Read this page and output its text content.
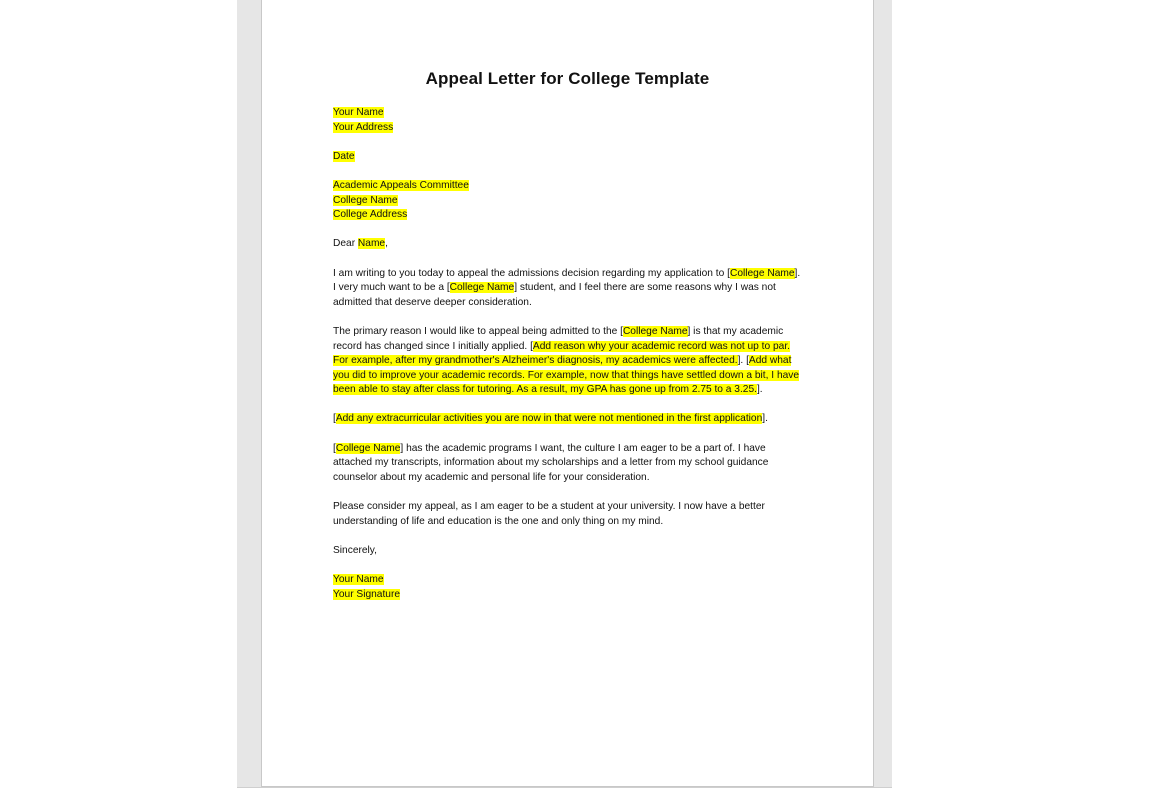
Appeal Letter for College Template
Your Name
Your Address
Date
Academic Appeals Committee
College Name
College Address
Dear Name,
I am writing to you today to appeal the admissions decision regarding my application to [College Name]. I very much want to be a [College Name] student, and I feel there are some reasons why I was not admitted that deserve deeper consideration.
The primary reason I would like to appeal being admitted to the [College Name] is that my academic record has changed since I initially applied. [Add reason why your academic record was not up to par. For example, after my grandmother's Alzheimer's diagnosis, my academics were affected.]. [Add what you did to improve your academic records. For example, now that things have settled down a bit, I have been able to stay after class for tutoring. As a result, my GPA has gone up from 2.75 to a 3.25.].
[Add any extracurricular activities you are now in that were not mentioned in the first application].
[College Name] has the academic programs I want, the culture I am eager to be a part of. I have attached my transcripts, information about my scholarships and a letter from my school guidance counselor about my academic and personal life for your consideration.
Please consider my appeal, as I am eager to be a student at your university. I now have a better understanding of life and education is the one and only thing on my mind.
Sincerely,
Your Name
Your Signature
